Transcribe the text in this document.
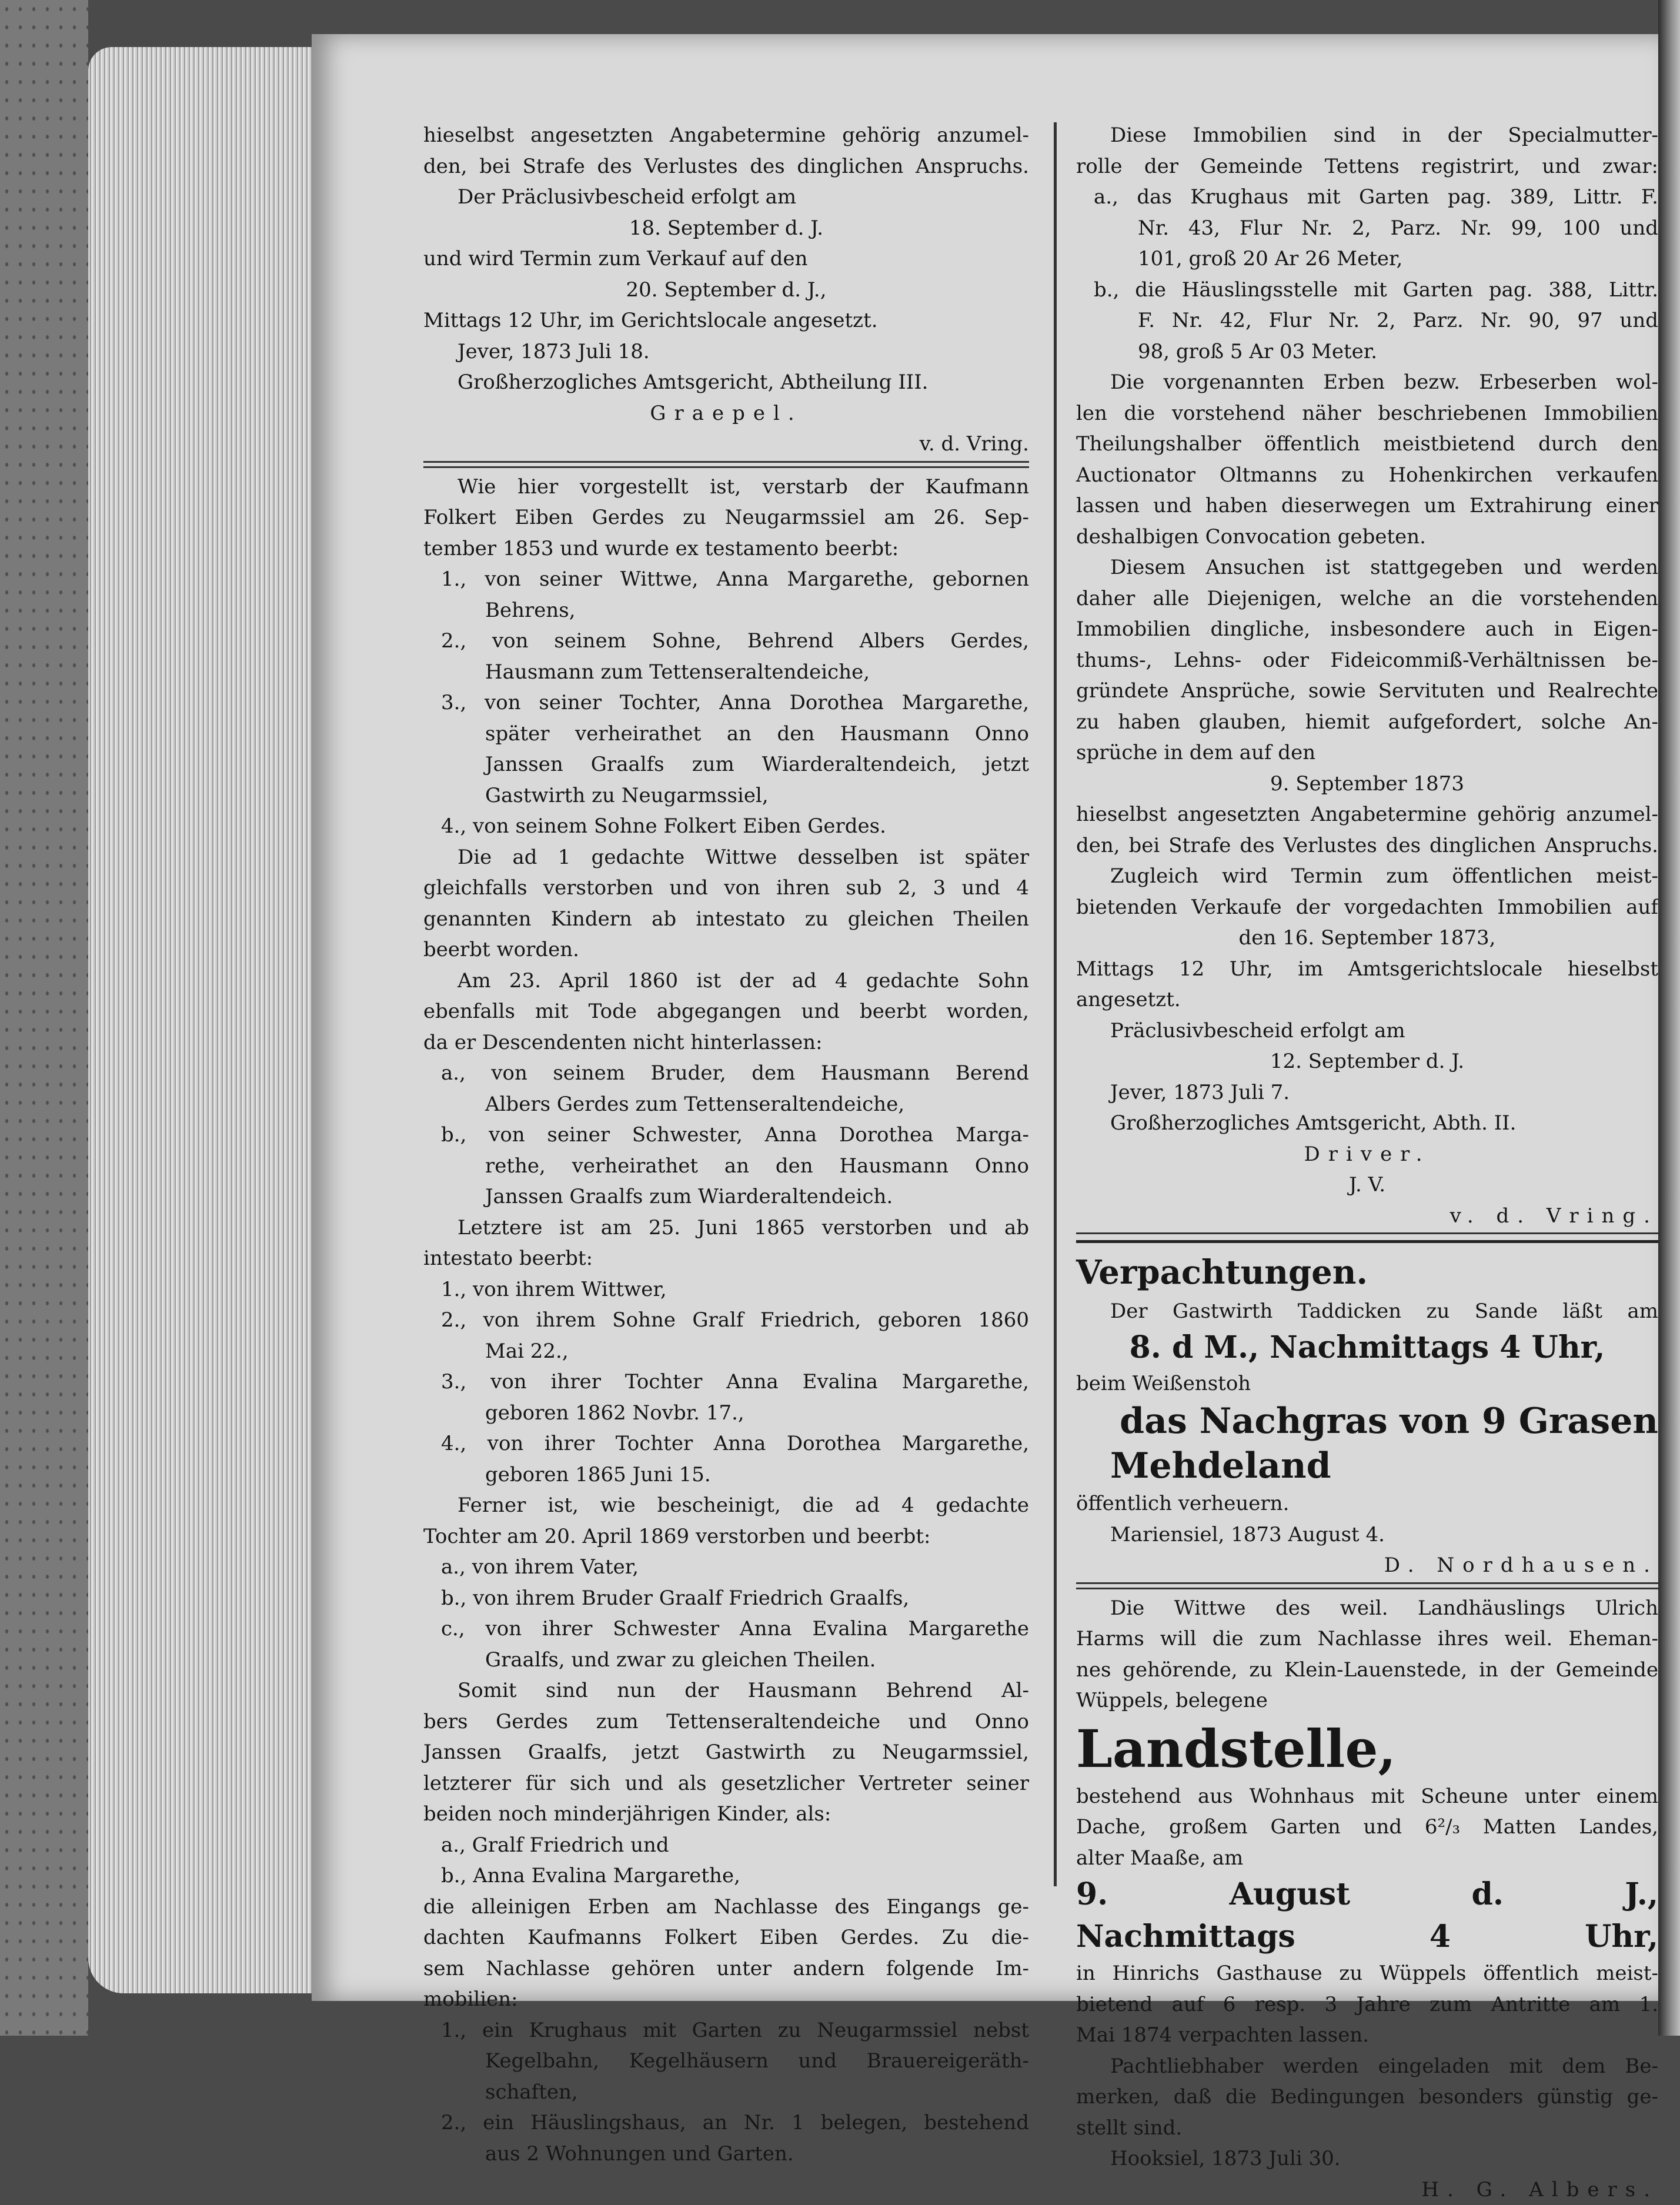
hieselbst angesetzten Angabetermine gehörig anzumel-

den, bei Strafe des Verlustes des dinglichen Anspruchs.

Der Präclusivbescheid erfolgt am

18. September d. J.

und wird Termin zum Verkauf auf den

20. September d. J.,

Mittags 12 Uhr, im Gerichtslocale angesetzt.

Jever, 1873 Juli 18.

Großherzogliches Amtsgericht, Abtheilung III.

Graepel.

v. d. Vring.

Wie hier vorgestellt ist, verstarb der Kaufmann

Folkert Eiben Gerdes zu Neugarmssiel am 26. Sep-

tember 1853 und wurde ex testamento beerbt:

1., von seiner Wittwe, Anna Margarethe, gebornen

Behrens,

2., von seinem Sohne, Behrend Albers Gerdes,

Hausmann zum Tettenseraltendeiche,

3., von seiner Tochter, Anna Dorothea Margarethe,

später verheirathet an den Hausmann Onno

Janssen Graalfs zum Wiarderaltendeich, jetzt

Gastwirth zu Neugarmssiel,

4., von seinem Sohne Folkert Eiben Gerdes.

Die ad 1 gedachte Wittwe desselben ist später

gleichfalls verstorben und von ihren sub 2, 3 und 4

genannten Kindern ab intestato zu gleichen Theilen

beerbt worden.

Am 23. April 1860 ist der ad 4 gedachte Sohn

ebenfalls mit Tode abgegangen und beerbt worden,

da er Descendenten nicht hinterlassen:

a., von seinem Bruder, dem Hausmann Berend

Albers Gerdes zum Tettenseraltendeiche,

b., von seiner Schwester, Anna Dorothea Marga-

rethe, verheirathet an den Hausmann Onno

Janssen Graalfs zum Wiarderaltendeich.

Letztere ist am 25. Juni 1865 verstorben und ab

intestato beerbt:

1., von ihrem Wittwer,

2., von ihrem Sohne Gralf Friedrich, geboren 1860

Mai 22.,

3., von ihrer Tochter Anna Evalina Margarethe,

geboren 1862 Novbr. 17.,

4., von ihrer Tochter Anna Dorothea Margarethe,

geboren 1865 Juni 15.

Ferner ist, wie bescheinigt, die ad 4 gedachte

Tochter am 20. April 1869 verstorben und beerbt:

a., von ihrem Vater,

b., von ihrem Bruder Graalf Friedrich Graalfs,

c., von ihrer Schwester Anna Evalina Margarethe

Graalfs, und zwar zu gleichen Theilen.

Somit sind nun der Hausmann Behrend Al-

bers Gerdes zum Tettenseraltendeiche und Onno

Janssen Graalfs, jetzt Gastwirth zu Neugarmssiel,

letzterer für sich und als gesetzlicher Vertreter seiner

beiden noch minderjährigen Kinder, als:

a., Gralf Friedrich und

b., Anna Evalina Margarethe,

die alleinigen Erben am Nachlasse des Eingangs ge-

dachten Kaufmanns Folkert Eiben Gerdes. Zu die-

sem Nachlasse gehören unter andern folgende Im-

mobilien:

1., ein Krughaus mit Garten zu Neugarmssiel nebst

Kegelbahn, Kegelhäusern und Brauereigeräth-

schaften,

2., ein Häuslingshaus, an Nr. 1 belegen, bestehend

aus 2 Wohnungen und Garten.

Diese Immobilien sind in der Specialmutter-

rolle der Gemeinde Tettens registrirt, und zwar:

a., das Krughaus mit Garten pag. 389, Littr. F.

Nr. 43, Flur Nr. 2, Parz. Nr. 99, 100 und

101, groß 20 Ar 26 Meter,

b., die Häuslingsstelle mit Garten pag. 388, Littr.

F. Nr. 42, Flur Nr. 2, Parz. Nr. 90, 97 und

98, groß 5 Ar 03 Meter.

Die vorgenannten Erben bezw. Erbeserben wol-

len die vorstehend näher beschriebenen Immobilien

Theilungshalber öffentlich meistbietend durch den

Auctionator Oltmanns zu Hohenkirchen verkaufen

lassen und haben dieserwegen um Extrahirung einer

deshalbigen Convocation gebeten.

Diesem Ansuchen ist stattgegeben und werden

daher alle Diejenigen, welche an die vorstehenden

Immobilien dingliche, insbesondere auch in Eigen-

thums-, Lehns- oder Fideicommiß-Verhältnissen be-

gründete Ansprüche, sowie Servituten und Realrechte

zu haben glauben, hiemit aufgefordert, solche An-

sprüche in dem auf den

9. September 1873

hieselbst angesetzten Angabetermine gehörig anzumel-

den, bei Strafe des Verlustes des dinglichen Anspruchs.

Zugleich wird Termin zum öffentlichen meist-

bietenden Verkaufe der vorgedachten Immobilien auf

den 16. September 1873,

Mittags 12 Uhr, im Amtsgerichtslocale hieselbst

angesetzt.

Präclusivbescheid erfolgt am

12. September d. J.

Jever, 1873 Juli 7.

Großherzogliches Amtsgericht, Abth. II.

Driver.

J. V.

v. d. Vring.

Verpachtungen.

Der Gastwirth Taddicken zu Sande läßt am

8. d M., Nachmittags 4 Uhr,

beim Weißenstoh

das Nachgras von 9 Grasen

Mehdeland

öffentlich verheuern.

Mariensiel, 1873 August 4.

D. Nordhausen.

Die Wittwe des weil. Landhäuslings Ulrich

Harms will die zum Nachlasse ihres weil. Eheman-

nes gehörende, zu Klein-Lauenstede, in der Gemeinde

Wüppels, belegene

Landstelle,

bestehend aus Wohnhaus mit Scheune unter einem

Dache, großem Garten und 6²/₃ Matten Landes,

alter Maaße, am

9. August d. J.,

Nachmittags 4 Uhr,

in Hinrichs Gasthause zu Wüppels öffentlich meist-

bietend auf 6 resp. 3 Jahre zum Antritte am 1.

Mai 1874 verpachten lassen.

Pachtliebhaber werden eingeladen mit dem Be-

merken, daß die Bedingungen besonders günstig ge-

stellt sind.

Hooksiel, 1873 Juli 30.

H. G. Albers.
